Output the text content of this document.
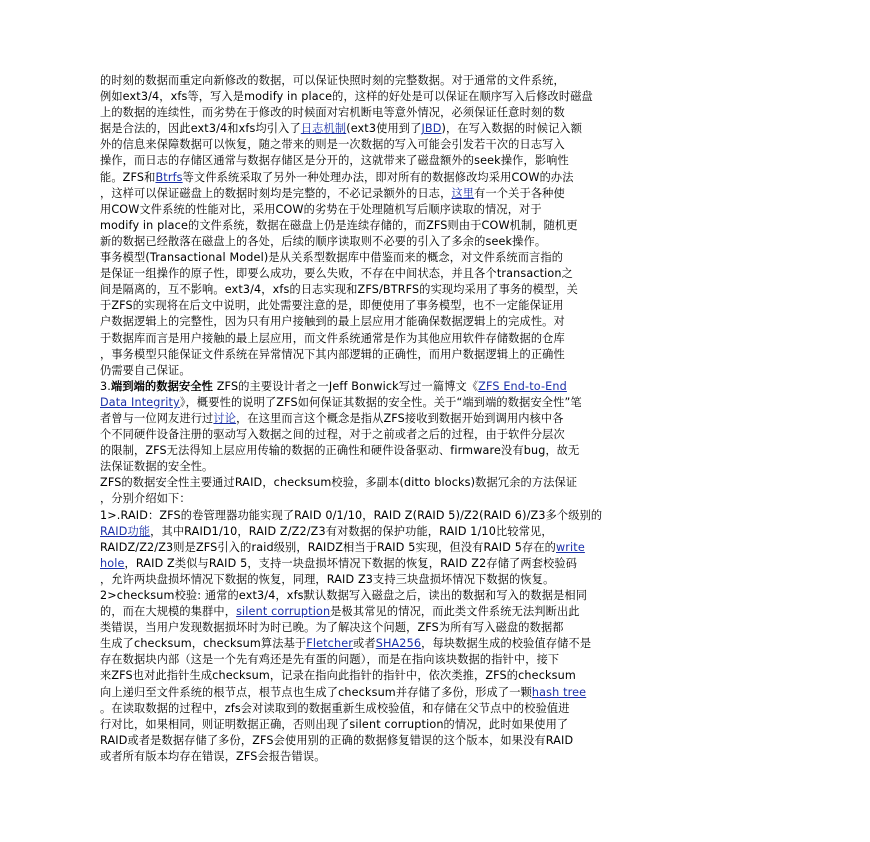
的时刻的数据而重定向新修改的数据，可以保证快照时刻的完整数据。对于通常的文件系统，
例如ext3/4，xfs等，写入是modify in place的，这样的好处是可以保证在顺序写入后修改时磁盘
上的数据的连续性，而劣势在于修改的时候面对宕机断电等意外情况，必须保证任意时刻的数
据是合法的，因此ext3/4和xfs均引入了日志机制(ext3使用到了JBD)，在写入数据的时候记入额
外的信息来保障数据可以恢复，随之带来的则是一次数据的写入可能会引发若干次的日志写入
操作，而日志的存储区通常与数据存储区是分开的，这就带来了磁盘额外的seek操作，影响性
能。ZFS和Btrfs等文件系统采取了另外一种处理办法，即对所有的数据修改均采用COW的办法
，这样可以保证磁盘上的数据时刻均是完整的，不必记录额外的日志，这里有一个关于各种使
用COW文件系统的性能对比，采用COW的劣势在于处理随机写后顺序读取的情况，对于
modify in place的文件系统，数据在磁盘上仍是连续存储的，而ZFS则由于COW机制，随机更
新的数据已经散落在磁盘上的各处，后续的顺序读取则不必要的引入了多余的seek操作。
事务模型(Transactional Model)是从关系型数据库中借鉴而来的概念，对文件系统而言指的
是保证一组操作的原子性，即要么成功，要么失败，不存在中间状态，并且各个transaction之
间是隔离的，互不影响。ext3/4，xfs的日志实现和ZFS/BTRFS的实现均采用了事务的模型，关
于ZFS的实现将在后文中说明，此处需要注意的是，即便使用了事务模型，也不一定能保证用
户数据逻辑上的完整性，因为只有用户接触到的最上层应用才能确保数据逻辑上的完成性。对
于数据库而言是用户接触的最上层应用，而文件系统通常是作为其他应用软件存储数据的仓库
，事务模型只能保证文件系统在异常情况下其内部逻辑的正确性，而用户数据逻辑上的正确性
仍需要自己保证。
3.端到端的数据安全性 ZFS的主要设计者之一Jeff Bonwick写过一篇博文《ZFS End-to-End
Data Integrity》，概要性的说明了ZFS如何保证其数据的安全性。关于“端到端的数据安全性”笔
者曾与一位网友进行过讨论，在这里而言这个概念是指从ZFS接收到数据开始到调用内核中各
个不同硬件设备注册的驱动写入数据之间的过程，对于之前或者之后的过程，由于软件分层次
的限制，ZFS无法得知上层应用传输的数据的正确性和硬件设备驱动、firmware没有bug，故无
法保证数据的安全性。
ZFS的数据安全性主要通过RAID，checksum校验，多副本(ditto blocks)数据冗余的方法保证
，分别介绍如下：
1>.RAID：ZFS的卷管理器功能实现了RAID 0/1/10，RAID Z(RAID 5)/Z2(RAID 6)/Z3多个级别的
RAID功能，其中RAID1/10，RAID Z/Z2/Z3有对数据的保护功能，RAID 1/10比较常见，
RAIDZ/Z2/Z3则是ZFS引入的raid级别，RAIDZ相当于RAID 5实现，但没有RAID 5存在的write
hole，RAID Z类似与RAID 5，支持一块盘损坏情况下数据的恢复，RAID Z2存储了两套校验码
，允许两块盘损坏情况下数据的恢复，同理，RAID Z3支持三块盘损坏情况下数据的恢复。
2>checksum校验: 通常的ext3/4，xfs默认数据写入磁盘之后，读出的数据和写入的数据是相同
的，而在大规模的集群中，silent corruption是极其常见的情况，而此类文件系统无法判断出此
类错误，当用户发现数据损坏时为时已晚。为了解决这个问题，ZFS为所有写入磁盘的数据都
生成了checksum，checksum算法基于Fletcher或者SHA256，每块数据生成的校验值存储不是
存在数据块内部（这是一个先有鸡还是先有蛋的问题），而是在指向该块数据的指针中，接下
来ZFS也对此指针生成checksum，记录在指向此指针的指针中，依次类推，ZFS的checksum
向上递归至文件系统的根节点，根节点也生成了checksum并存储了多份，形成了一颗hash tree
。在读取数据的过程中，zfs会对读取到的数据重新生成校验值，和存储在父节点中的校验值进
行对比，如果相同，则证明数据正确，否则出现了silent corruption的情况，此时如果使用了
RAID或者是数据存储了多份，ZFS会使用别的正确的数据修复错误的这个版本，如果没有RAID
或者所有版本均存在错误，ZFS会报告错误。
